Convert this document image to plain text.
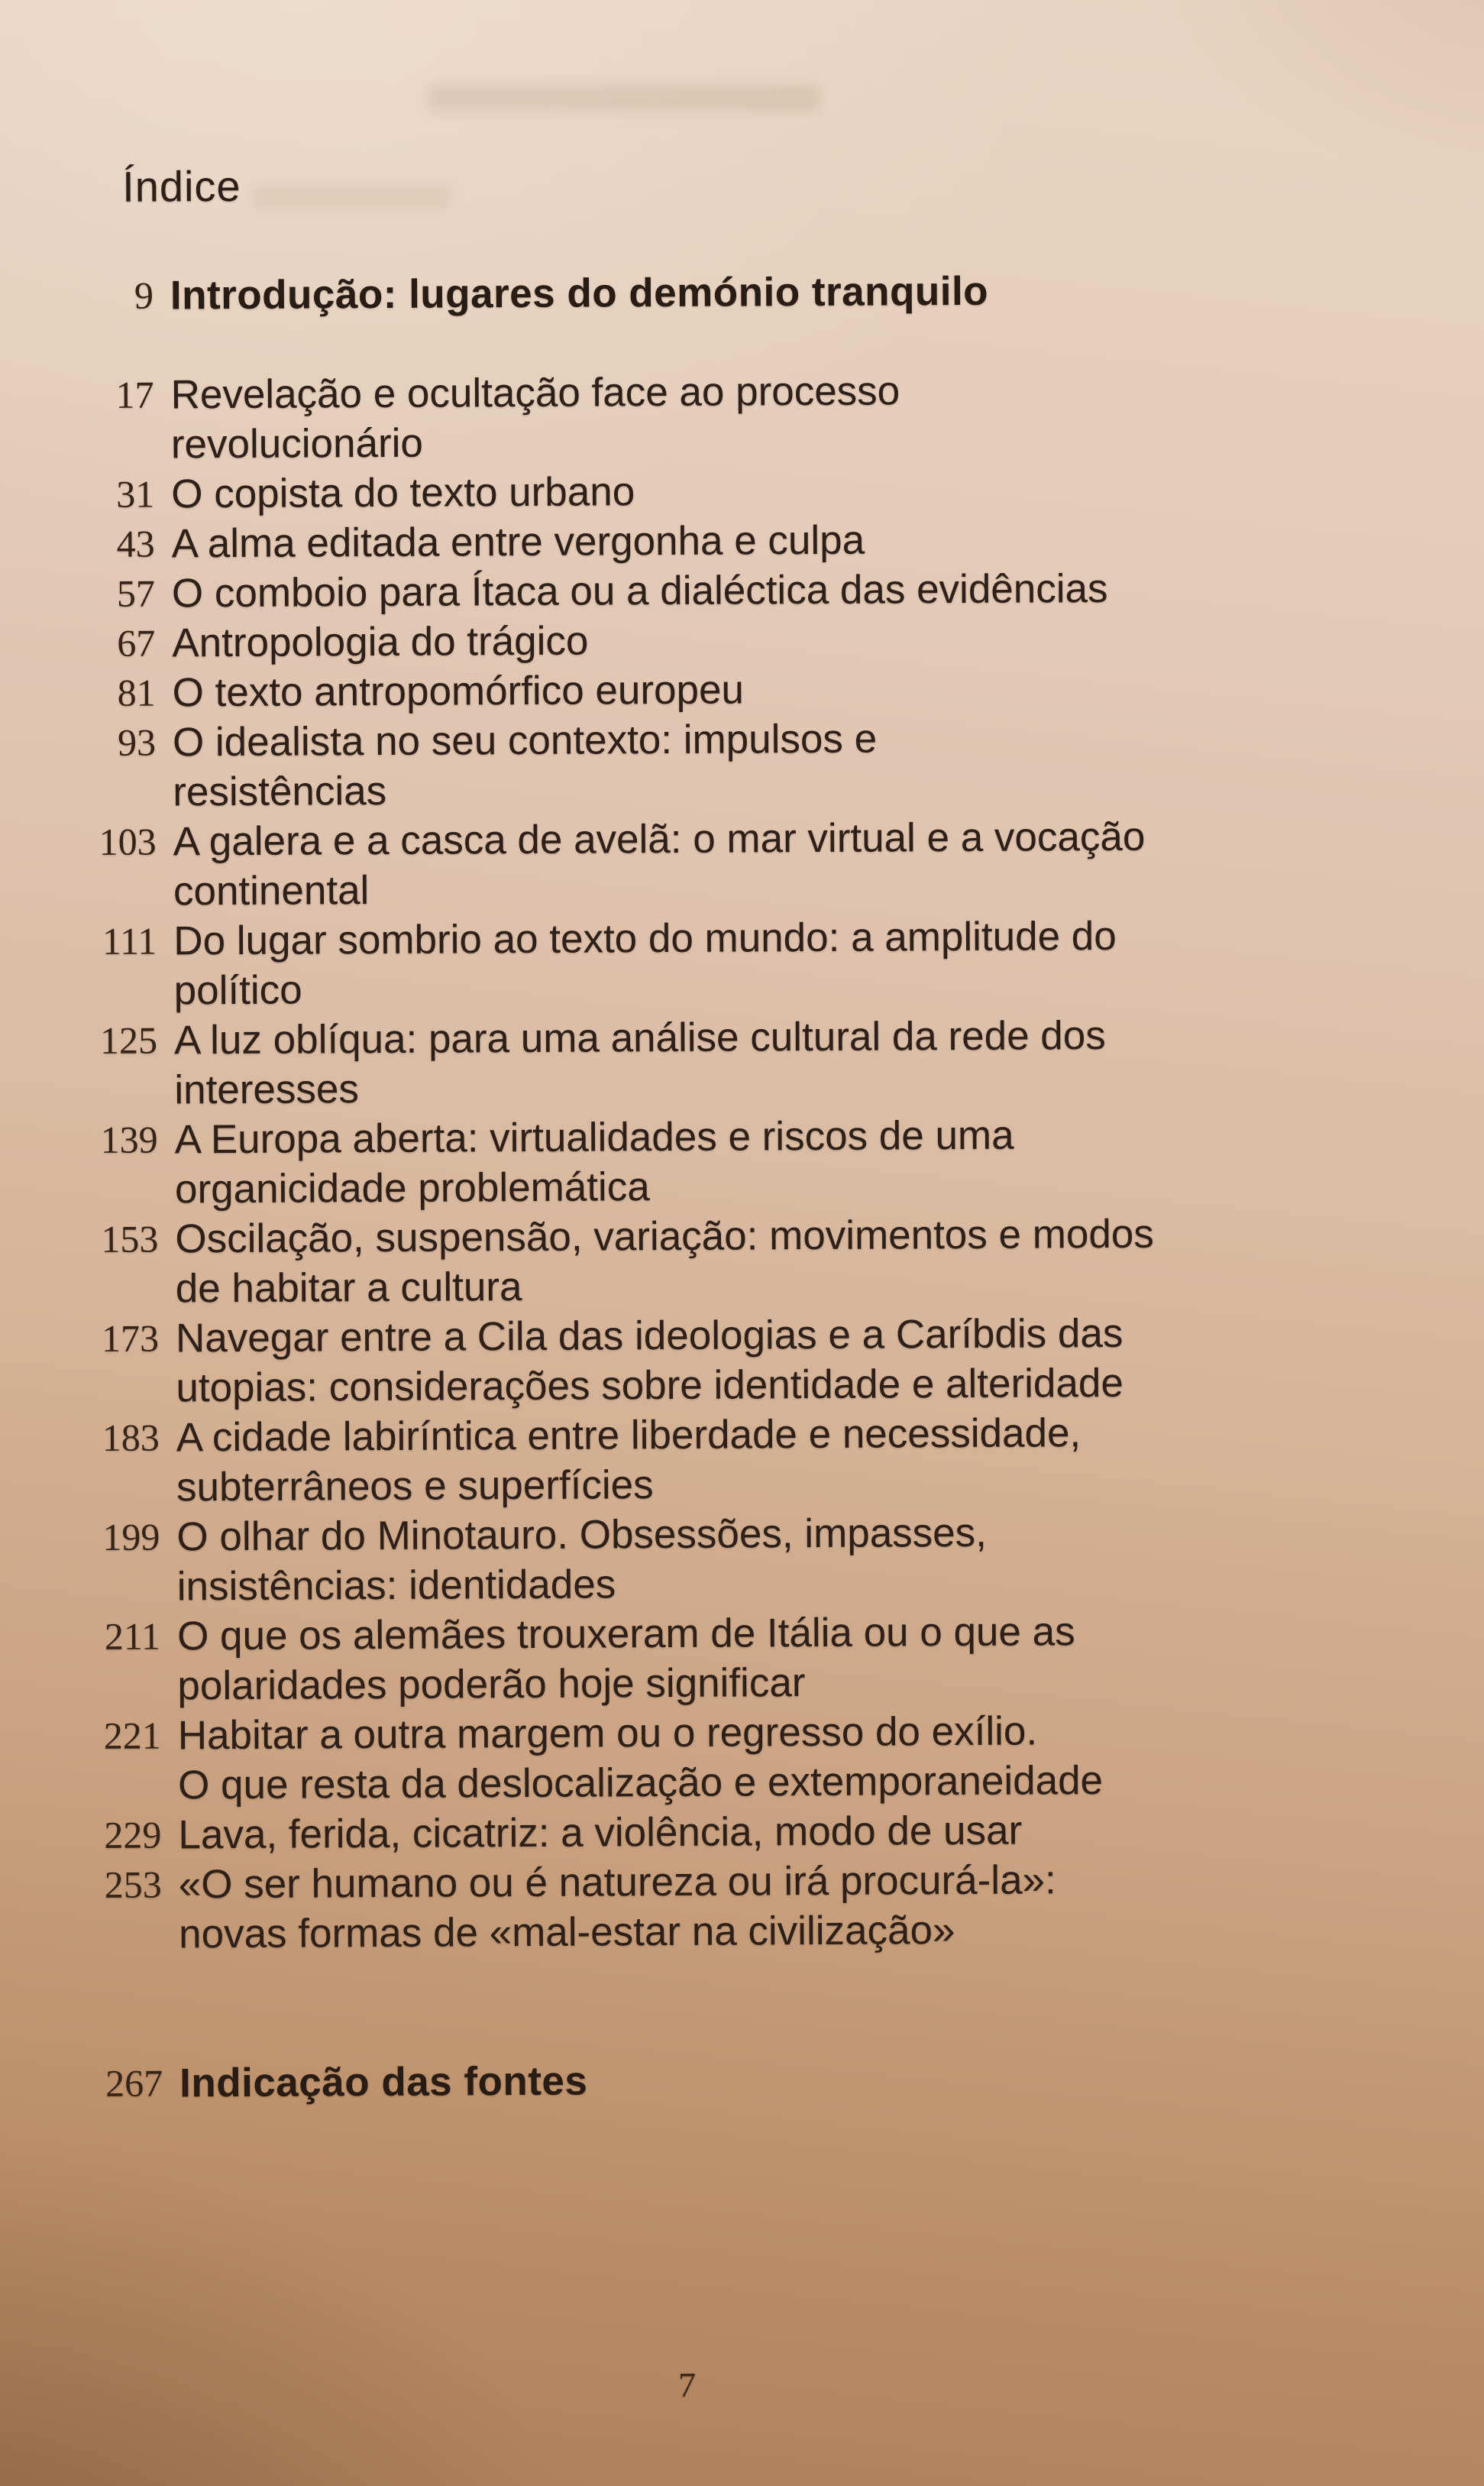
Índice
9 Introdução: lugares do demónio tranquilo
17 Revelação e ocultação face ao processo
revolucionário
31 O copista do texto urbano
43 A alma editada entre vergonha e culpa
57 O comboio para Ítaca ou a dialéctica das evidências
67 Antropologia do trágico
81 O texto antropomórfico europeu
93 O idealista no seu contexto: impulsos e
resistências
103 A galera e a casca de avelã: o mar virtual e a vocação
continental
111 Do lugar sombrio ao texto do mundo: a amplitude do
político
125 A luz oblíqua: para uma análise cultural da rede dos
interesses
139 A Europa aberta: virtualidades e riscos de uma
organicidade problemática
153 Oscilação, suspensão, variação: movimentos e modos
de habitar a cultura
173 Navegar entre a Cila das ideologias e a Caríbdis das
utopias: considerações sobre identidade e alteridade
183 A cidade labiríntica entre liberdade e necessidade,
subterrâneos e superfícies
199 O olhar do Minotauro. Obsessões, impasses,
insistências: identidades
211 O que os alemães trouxeram de Itália ou o que as
polaridades poderão hoje significar
221 Habitar a outra margem ou o regresso do exílio.
O que resta da deslocalização e extemporaneidade
229 Lava, ferida, cicatriz: a violência, modo de usar
253 «O ser humano ou é natureza ou irá procurá-la»:
novas formas de «mal-estar na civilização»
267 Indicação das fontes
7
